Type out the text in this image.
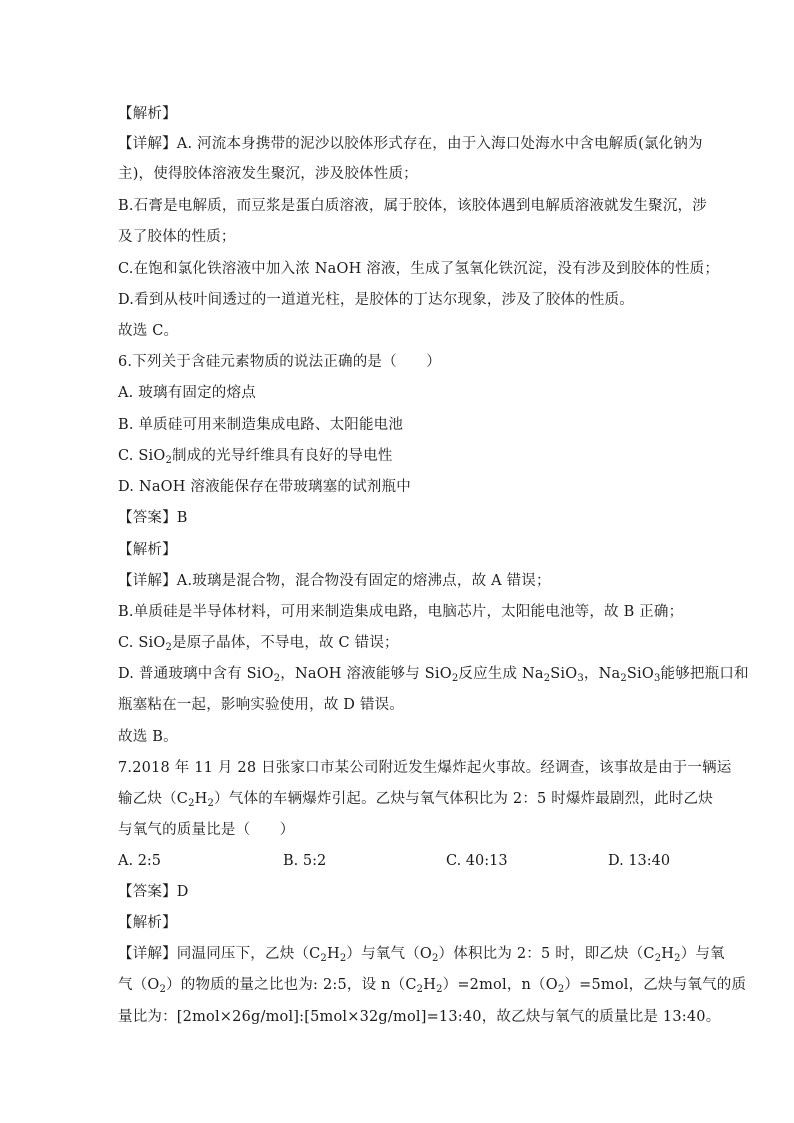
【解析】
【详解】A. 河流本身携带的泥沙以胶体形式存在，由于入海口处海水中含电解质(氯化钠为
主)，使得胶体溶液发生聚沉，涉及胶体性质；
B.石膏是电解质，而豆浆是蛋白质溶液，属于胶体，该胶体遇到电解质溶液就发生聚沉，涉
及了胶体的性质；
C.在饱和氯化铁溶液中加入浓 NaOH 溶液，生成了氢氧化铁沉淀，没有涉及到胶体的性质；
D.看到从枝叶间透过的一道道光柱，是胶体的丁达尔现象，涉及了胶体的性质。
故选 C。
6.下列关于含硅元素物质的说法正确的是（　　）
A. 玻璃有固定的熔点
B. 单质硅可用来制造集成电路、太阳能电池
C. SiO$_2$制成的光导纤维具有良好的导电性
D. NaOH 溶液能保存在带玻璃塞的试剂瓶中
【答案】B
【解析】
【详解】A.玻璃是混合物，混合物没有固定的熔沸点，故 A 错误；
B.单质硅是半导体材料，可用来制造集成电路，电脑芯片，太阳能电池等，故 B 正确；
C. SiO$_2$是原子晶体，不导电，故 C 错误；
D. 普通玻璃中含有 SiO$_2$，NaOH 溶液能够与 SiO$_2$反应生成 $Na_2SiO_3$，$Na_2SiO_3$能够把瓶口和
瓶塞粘在一起，影响实验使用，故 D 错误。
故选 B。
7.2018 年 11 月 28 日张家口市某公司附近发生爆炸起火事故。经调查，该事故是由于一辆运
输乙炔$(C_2H_2)$气体的车辆爆炸引起。乙炔与氧气体积比为 2：5 时爆炸最剧烈，此时乙炔
与氧气的质量比是（　　）
A. 2:5	B. 5:2	C. 40:13	D. 13:40
【答案】D
【解析】
【详解】同温同压下，乙炔$(C_2H_2)$与氧气$(O_2)$体积比为 2：5 时，即乙炔$(C_2H_2)$与氧
气$(O_2)$的物质的量之比也为: 2:5，设 $n(C_2H_2)=2mol$，$n(O_2)=5mol$，乙炔与氧气的质
量比为：[2mol×26g/mol]:[5mol×32g/mol]=13:40，故乙炔与氧气的质量比是 13:40。
